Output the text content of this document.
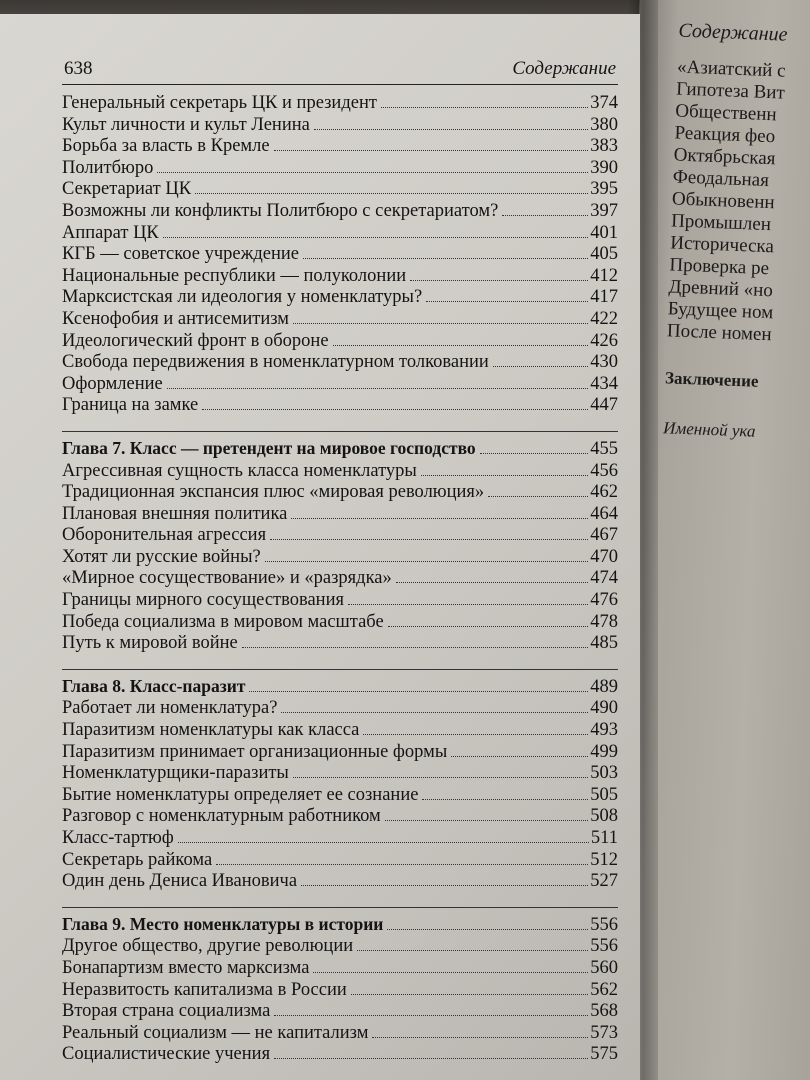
Содержание
«Азиатский с
Гипотеза Вит
Общественн
Реакция фео
Октябрьская
Феодальная
Обыкновенн
Промышлен
Историческа
Проверка ре
Древний «но
Будущее ном
После номен
Заключение
Именной ука
638	Содержание
Генеральный секретарь ЦК и президент	374
Культ личности и культ Ленина	380
Борьба за власть в Кремле	383
Политбюро	390
Секретариат ЦК	395
Возможны ли конфликты Политбюро с секретариатом?	397
Аппарат ЦК	401
КГБ — советское учреждение	405
Национальные республики — полуколонии	412
Марксистская ли идеология у номенклатуры?	417
Ксенофобия и антисемитизм	422
Идеологический фронт в обороне	426
Свобода передвижения в номенклатурном толковании	430
Оформление	434
Граница на замке	447
Глава 7. Класс — претендент на мировое господство	455
Агрессивная сущность класса номенклатуры	456
Традиционная экспансия плюс «мировая революция»	462
Плановая внешняя политика	464
Оборонительная агрессия	467
Хотят ли русские войны?	470
«Мирное сосуществование» и «разрядка»	474
Границы мирного сосуществования	476
Победа социализма в мировом масштабе	478
Путь к мировой войне	485
Глава 8. Класс-паразит	489
Работает ли номенклатура?	490
Паразитизм номенклатуры как класса	493
Паразитизм принимает организационные формы	499
Номенклатурщики-паразиты	503
Бытие номенклатуры определяет ее сознание	505
Разговор с номенклатурным работником	508
Класс-тартюф	511
Секретарь райкома	512
Один день Дениса Ивановича	527
Глава 9. Место номенклатуры в истории	556
Другое общество, другие революции	556
Бонапартизм вместо марксизма	560
Неразвитость капитализма в России	562
Вторая страна социализма	568
Реальный социализм — не капитализм	573
Социалистические учения	575
